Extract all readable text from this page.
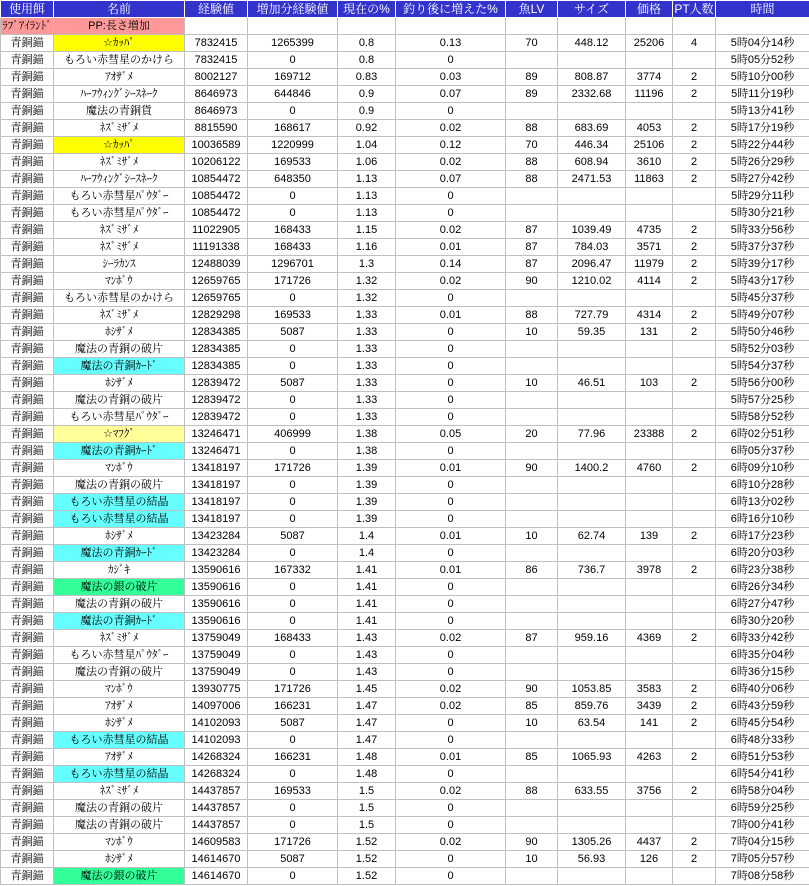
使用餌	名前	経験値	増加分経験値	現在の%	釣り後に増えた%	魚LV	サイズ	価格	PT人数	時間
ﾗﾌﾞｱｲﾗﾝﾄﾞ	PP:長さ増加									
青銅錨	☆ｶｯﾊﾟ	7832415	1265399	0.8	0.13	70	448.12	25206	4	5時04分14秒
青銅錨	もろい赤彗星のかけら	7832415	0	0.8	0					5時05分52秒
青銅錨	ｱｵｻﾞﾒ	8002127	169712	0.83	0.03	89	808.87	3774	2	5時10分00秒
青銅錨	ﾊｰﾌｳｨﾝｸﾞｼｰｽﾈｰｸ	8646973	644846	0.9	0.07	89	2332.68	11196	2	5時11分19秒
青銅錨	魔法の青銅貨	8646973	0	0.9	0					5時13分41秒
青銅錨	ﾈｽﾞﾐｻﾞﾒ	8815590	168617	0.92	0.02	88	683.69	4053	2	5時17分19秒
青銅錨	☆ｶｯﾊﾟ	10036589	1220999	1.04	0.12	70	446.34	25106	2	5時22分44秒
青銅錨	ﾈｽﾞﾐｻﾞﾒ	10206122	169533	1.06	0.02	88	608.94	3610	2	5時26分29秒
青銅錨	ﾊｰﾌｳｨﾝｸﾞｼｰｽﾈｰｸ	10854472	648350	1.13	0.07	88	2471.53	11863	2	5時27分42秒
青銅錨	もろい赤彗星ﾊﾟｳﾀﾞｰ	10854472	0	1.13	0					5時29分11秒
青銅錨	もろい赤彗星ﾊﾟｳﾀﾞｰ	10854472	0	1.13	0					5時30分21秒
青銅錨	ﾈｽﾞﾐｻﾞﾒ	11022905	168433	1.15	0.02	87	1039.49	4735	2	5時33分56秒
青銅錨	ﾈｽﾞﾐｻﾞﾒ	11191338	168433	1.16	0.01	87	784.03	3571	2	5時37分37秒
青銅錨	ｼｰﾗｶﾝｽ	12488039	1296701	1.3	0.14	87	2096.47	11979	2	5時39分17秒
青銅錨	ﾏﾝﾎﾞｳ	12659765	171726	1.32	0.02	90	1210.02	4114	2	5時43分17秒
青銅錨	もろい赤彗星のかけら	12659765	0	1.32	0					5時45分37秒
青銅錨	ﾈｽﾞﾐｻﾞﾒ	12829298	169533	1.33	0.01	88	727.79	4314	2	5時49分07秒
青銅錨	ﾎｼｻﾞﾒ	12834385	5087	1.33	0	10	59.35	131	2	5時50分46秒
青銅錨	魔法の青銅の破片	12834385	0	1.33	0					5時52分03秒
青銅錨	魔法の青銅ｶｰﾄﾞ	12834385	0	1.33	0					5時54分37秒
青銅錨	ﾎｼｻﾞﾒ	12839472	5087	1.33	0	10	46.51	103	2	5時56分00秒
青銅錨	魔法の青銅の破片	12839472	0	1.33	0					5時57分25秒
青銅錨	もろい赤彗星ﾊﾟｳﾀﾞｰ	12839472	0	1.33	0					5時58分52秒
青銅錨	☆ﾏﾌｸﾞ	13246471	406999	1.38	0.05	20	77.96	23388	2	6時02分51秒
青銅錨	魔法の青銅ｶｰﾄﾞ	13246471	0	1.38	0					6時05分37秒
青銅錨	ﾏﾝﾎﾞｳ	13418197	171726	1.39	0.01	90	1400.2	4760	2	6時09分10秒
青銅錨	魔法の青銅の破片	13418197	0	1.39	0					6時10分28秒
青銅錨	もろい赤彗星の結晶	13418197	0	1.39	0					6時13分02秒
青銅錨	もろい赤彗星の結晶	13418197	0	1.39	0					6時16分10秒
青銅錨	ﾎｼｻﾞﾒ	13423284	5087	1.4	0.01	10	62.74	139	2	6時17分23秒
青銅錨	魔法の青銅ｶｰﾄﾞ	13423284	0	1.4	0					6時20分03秒
青銅錨	ｶｼﾞｷ	13590616	167332	1.41	0.01	86	736.7	3978	2	6時23分38秒
青銅錨	魔法の銀の破片	13590616	0	1.41	0					6時26分34秒
青銅錨	魔法の青銅の破片	13590616	0	1.41	0					6時27分47秒
青銅錨	魔法の青銅ｶｰﾄﾞ	13590616	0	1.41	0					6時30分20秒
青銅錨	ﾈｽﾞﾐｻﾞﾒ	13759049	168433	1.43	0.02	87	959.16	4369	2	6時33分42秒
青銅錨	もろい赤彗星ﾊﾟｳﾀﾞｰ	13759049	0	1.43	0					6時35分04秒
青銅錨	魔法の青銅の破片	13759049	0	1.43	0					6時36分15秒
青銅錨	ﾏﾝﾎﾞｳ	13930775	171726	1.45	0.02	90	1053.85	3583	2	6時40分06秒
青銅錨	ｱｵｻﾞﾒ	14097006	166231	1.47	0.02	85	859.76	3439	2	6時43分59秒
青銅錨	ﾎｼｻﾞﾒ	14102093	5087	1.47	0	10	63.54	141	2	6時45分54秒
青銅錨	もろい赤彗星の結晶	14102093	0	1.47	0					6時48分33秒
青銅錨	ｱｵｻﾞﾒ	14268324	166231	1.48	0.01	85	1065.93	4263	2	6時51分53秒
青銅錨	もろい赤彗星の結晶	14268324	0	1.48	0					6時54分41秒
青銅錨	ﾈｽﾞﾐｻﾞﾒ	14437857	169533	1.5	0.02	88	633.55	3756	2	6時58分04秒
青銅錨	魔法の青銅の破片	14437857	0	1.5	0					6時59分25秒
青銅錨	魔法の青銅の破片	14437857	0	1.5	0					7時00分41秒
青銅錨	ﾏﾝﾎﾞｳ	14609583	171726	1.52	0.02	90	1305.26	4437	2	7時04分15秒
青銅錨	ﾎｼｻﾞﾒ	14614670	5087	1.52	0	10	56.93	126	2	7時05分57秒
青銅錨	魔法の銀の破片	14614670	0	1.52	0					7時08分58秒
